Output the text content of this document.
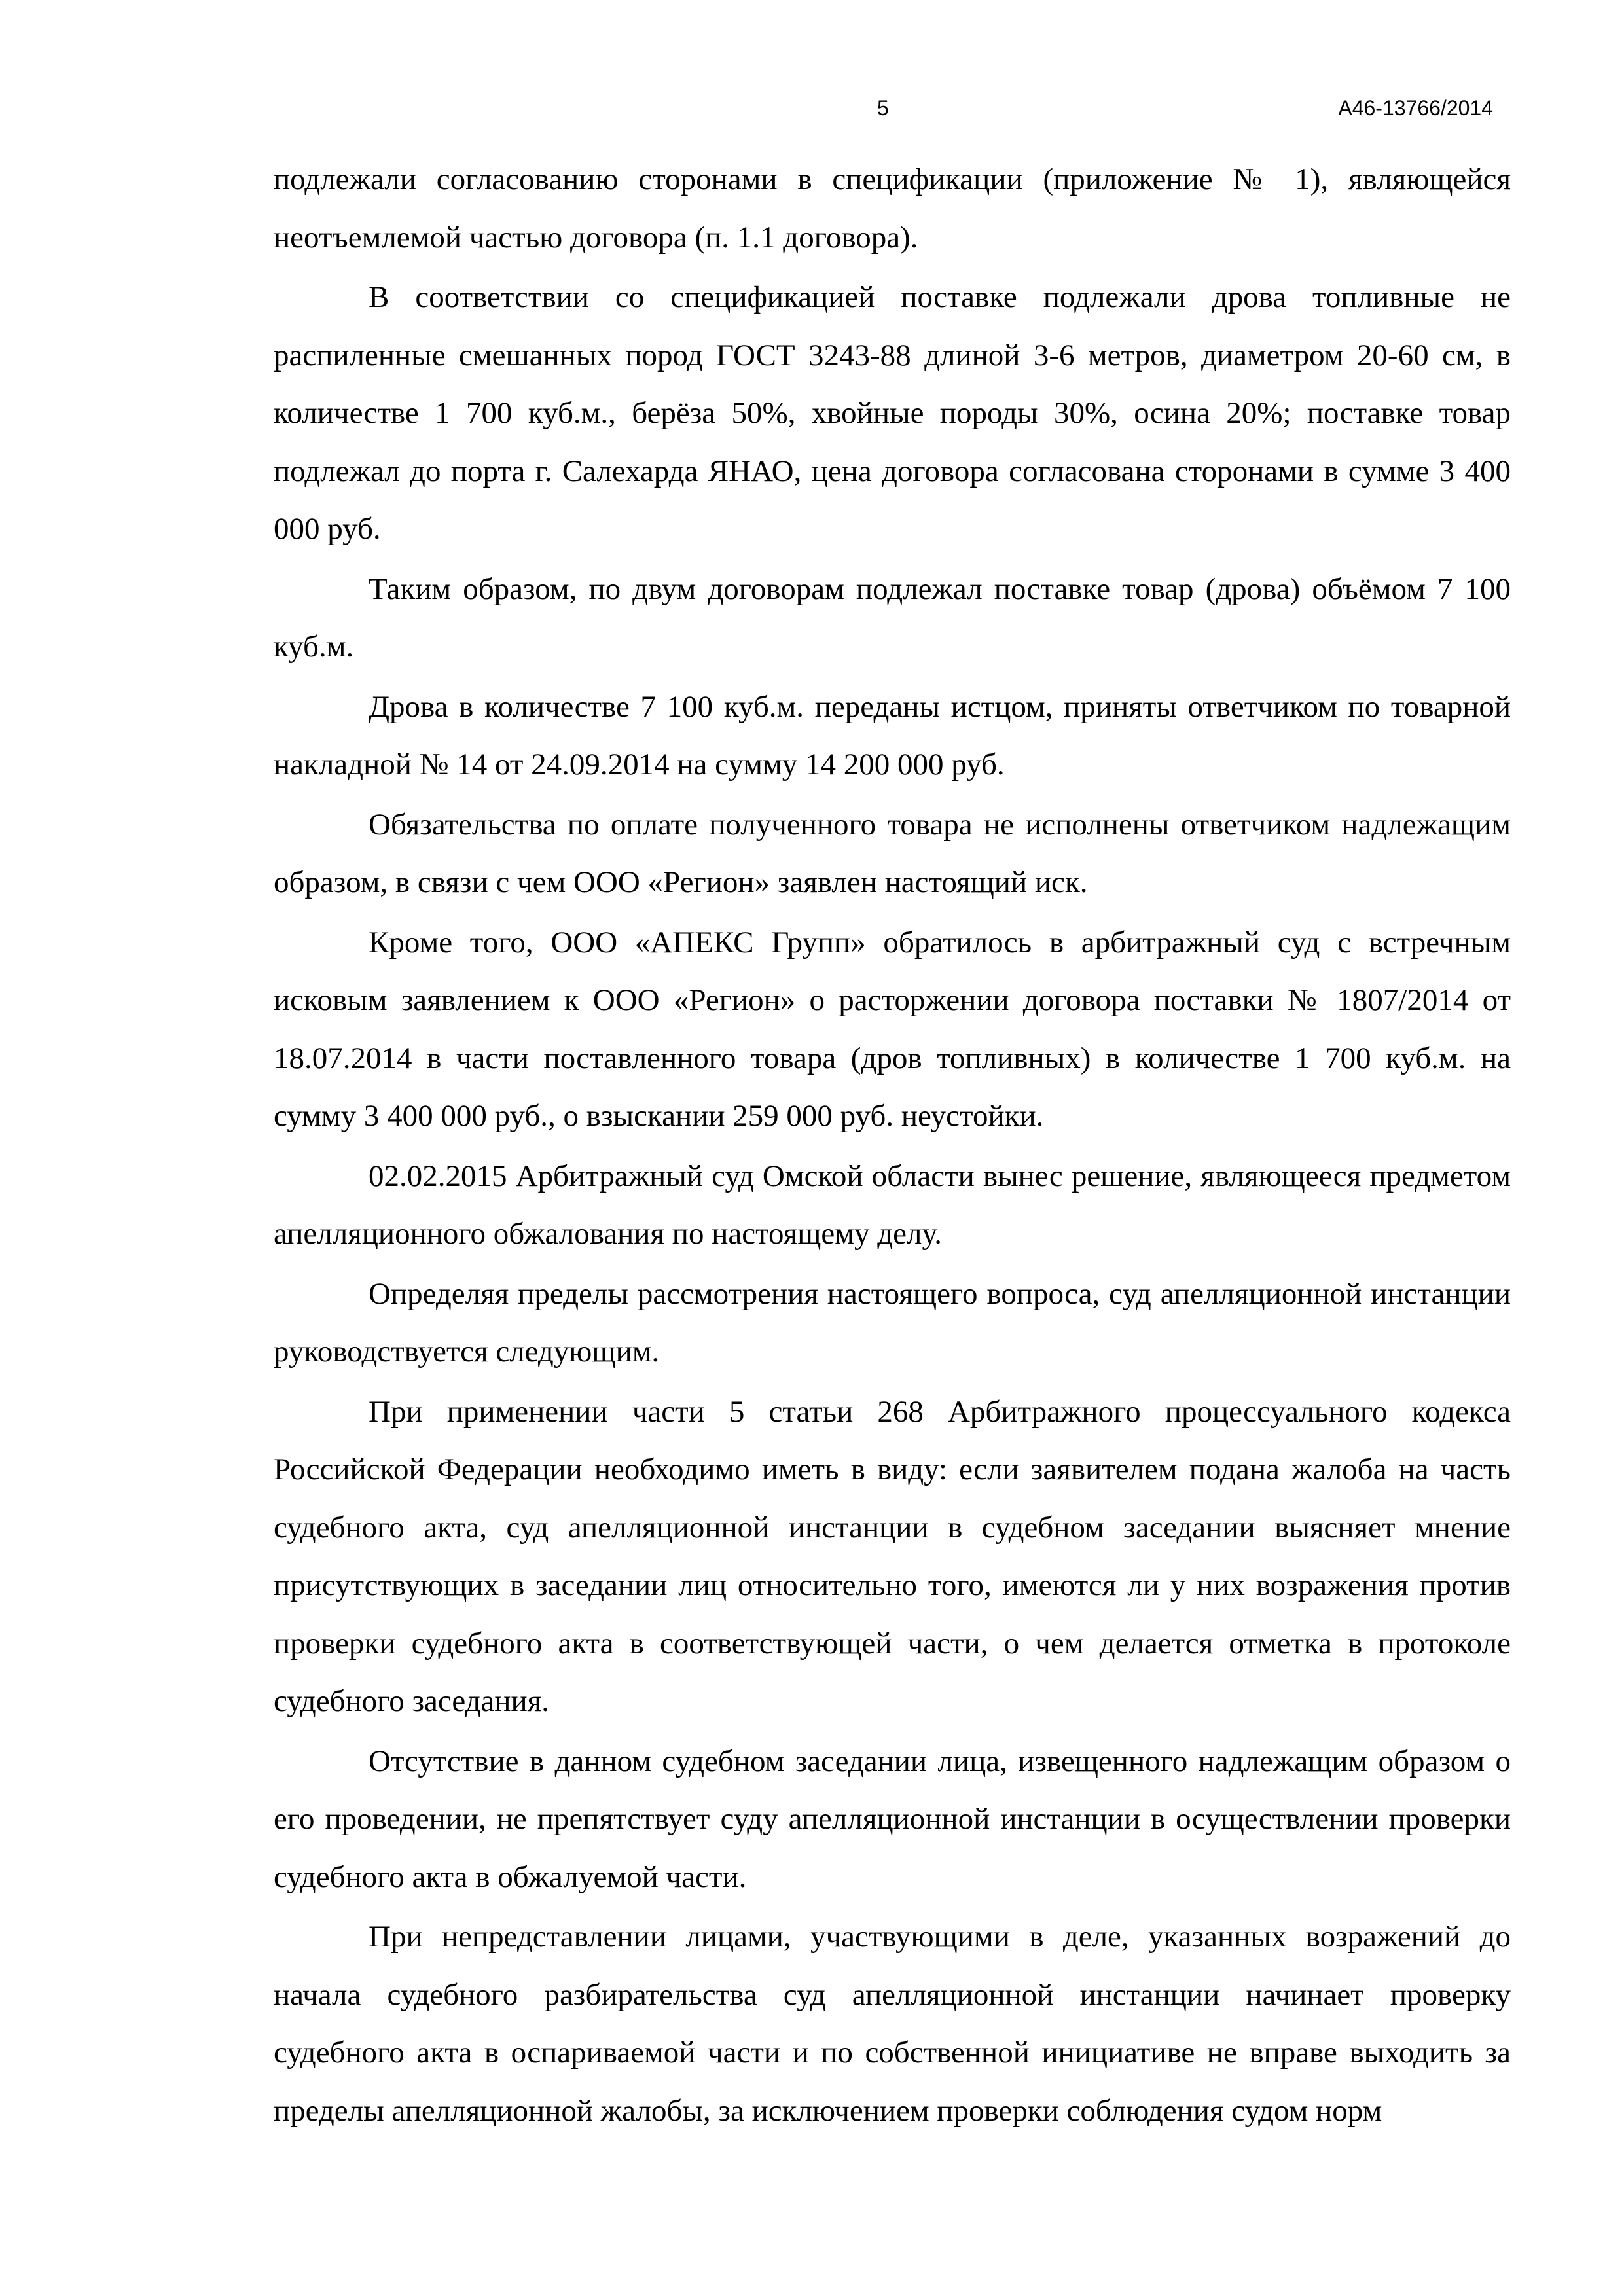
5	А46-13766/2014

подлежали согласованию сторонами в спецификации (приложение № 1), являющейся неотъемлемой частью договора (п. 1.1 договора).

В соответствии со спецификацией поставке подлежали дрова топливные не распиленные смешанных пород ГОСТ 3243-88 длиной 3-6 метров, диаметром 20-60 см, в количестве 1 700 куб.м., берёза 50%, хвойные породы 30%, осина 20%; поставке товар подлежал до порта г. Салехарда ЯНАО, цена договора согласована сторонами в сумме 3 400 000 руб.

Таким образом, по двум договорам подлежал поставке товар (дрова) объёмом 7 100 куб.м.

Дрова в количестве 7 100 куб.м. переданы истцом, приняты ответчиком по товарной накладной № 14 от 24.09.2014 на сумму 14 200 000 руб.

Обязательства по оплате полученного товара не исполнены ответчиком надлежащим образом, в связи с чем ООО «Регион» заявлен настоящий иск.

Кроме того, ООО «АПЕКС Групп» обратилось в арбитражный суд с встречным исковым заявлением к ООО «Регион» о расторжении договора поставки № 1807/2014 от 18.07.2014 в части поставленного товара (дров топливных) в количестве 1 700 куб.м. на сумму 3 400 000 руб., о взыскании 259 000 руб. неустойки.

02.02.2015 Арбитражный суд Омской области вынес решение, являющееся предметом апелляционного обжалования по настоящему делу.

Определяя пределы рассмотрения настоящего вопроса, суд апелляционной инстанции руководствуется следующим.

При применении части 5 статьи 268 Арбитражного процессуального кодекса Российской Федерации необходимо иметь в виду: если заявителем подана жалоба на часть судебного акта, суд апелляционной инстанции в судебном заседании выясняет мнение присутствующих в заседании лиц относительно того, имеются ли у них возражения против проверки судебного акта в соответствующей части, о чем делается отметка в протоколе судебного заседания.

Отсутствие в данном судебном заседании лица, извещенного надлежащим образом о его проведении, не препятствует суду апелляционной инстанции в осуществлении проверки судебного акта в обжалуемой части.

При непредставлении лицами, участвующими в деле, указанных возражений до начала судебного разбирательства суд апелляционной инстанции начинает проверку судебного акта в оспариваемой части и по собственной инициативе не вправе выходить за пределы апелляционной жалобы, за исключением проверки соблюдения судом норм
